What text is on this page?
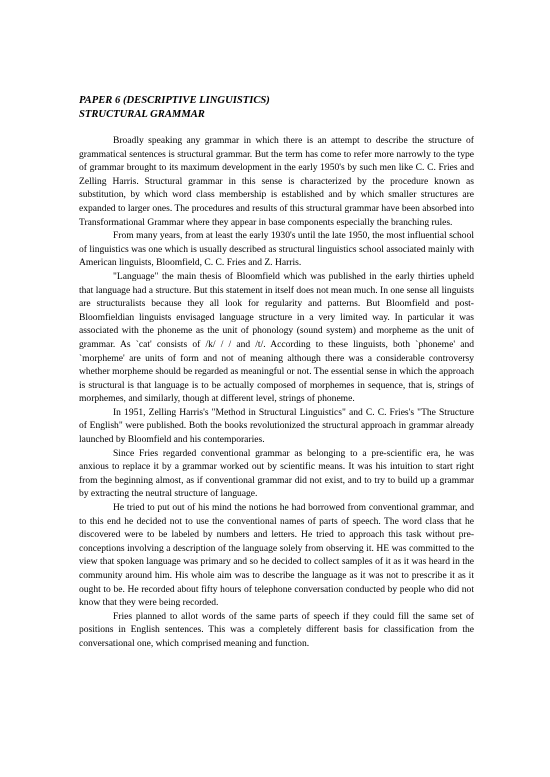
PAPER 6 (DESCRIPTIVE LINGUISTICS)
STRUCTURAL GRAMMAR

Broadly speaking any grammar in which there is an attempt to describe the structure of grammatical sentences is structural grammar. But the term has come to refer more narrowly to the type of grammar brought to its maximum development in the early 1950's by such men like C. C. Fries and Zelling Harris. Structural grammar in this sense is characterized by the procedure known as substitution, by which word class membership is established and by which smaller structures are expanded to larger ones. The procedures and results of this structural grammar have been absorbed into Transformational Grammar where they appear in base components especially the branching rules.

From many years, from at least the early 1930's until the late 1950, the most influential school of linguistics was one which is usually described as structural linguistics school associated mainly with American linguists, Bloomfield, C. C. Fries and Z. Harris.

"Language" the main thesis of Bloomfield which was published in the early thirties upheld that language had a structure. But this statement in itself does not mean much. In one sense all linguists are structuralists because they all look for regularity and patterns. But Bloomfield and post-Bloomfieldian linguists envisaged language structure in a very limited way. In particular it was associated with the phoneme as the unit of phonology (sound system) and morpheme as the unit of grammar. As `cat' consists of /k/ / / and /t/. According to these linguists, both `phoneme' and `morpheme' are units of form and not of meaning although there was a considerable controversy whether morpheme should be regarded as meaningful or not. The essential sense in which the approach is structural is that language is to be actually composed of morphemes in sequence, that is, strings of morphemes, and similarly, though at different level, strings of phoneme.

In 1951, Zelling Harris's "Method in Structural Linguistics" and C. C. Fries's "The Structure of English" were published. Both the books revolutionized the structural approach in grammar already launched by Bloomfield and his contemporaries.

Since Fries regarded conventional grammar as belonging to a pre-scientific era, he was anxious to replace it by a grammar worked out by scientific means. It was his intuition to start right from the beginning almost, as if conventional grammar did not exist, and to try to build up a grammar by extracting the neutral structure of language.

He tried to put out of his mind the notions he had borrowed from conventional grammar, and to this end he decided not to use the conventional names of parts of speech. The word class that he discovered were to be labeled by numbers and letters. He tried to approach this task without pre-conceptions involving a description of the language solely from observing it. HE was committed to the view that spoken language was primary and so he decided to collect samples of it as it was heard in the community around him. His whole aim was to describe the language as it was not to prescribe it as it ought to be. He recorded about fifty hours of telephone conversation conducted by people who did not know that they were being recorded.

Fries planned to allot words of the same parts of speech if they could fill the same set of positions in English sentences. This was a completely different basis for classification from the conversational one, which comprised meaning and function.
